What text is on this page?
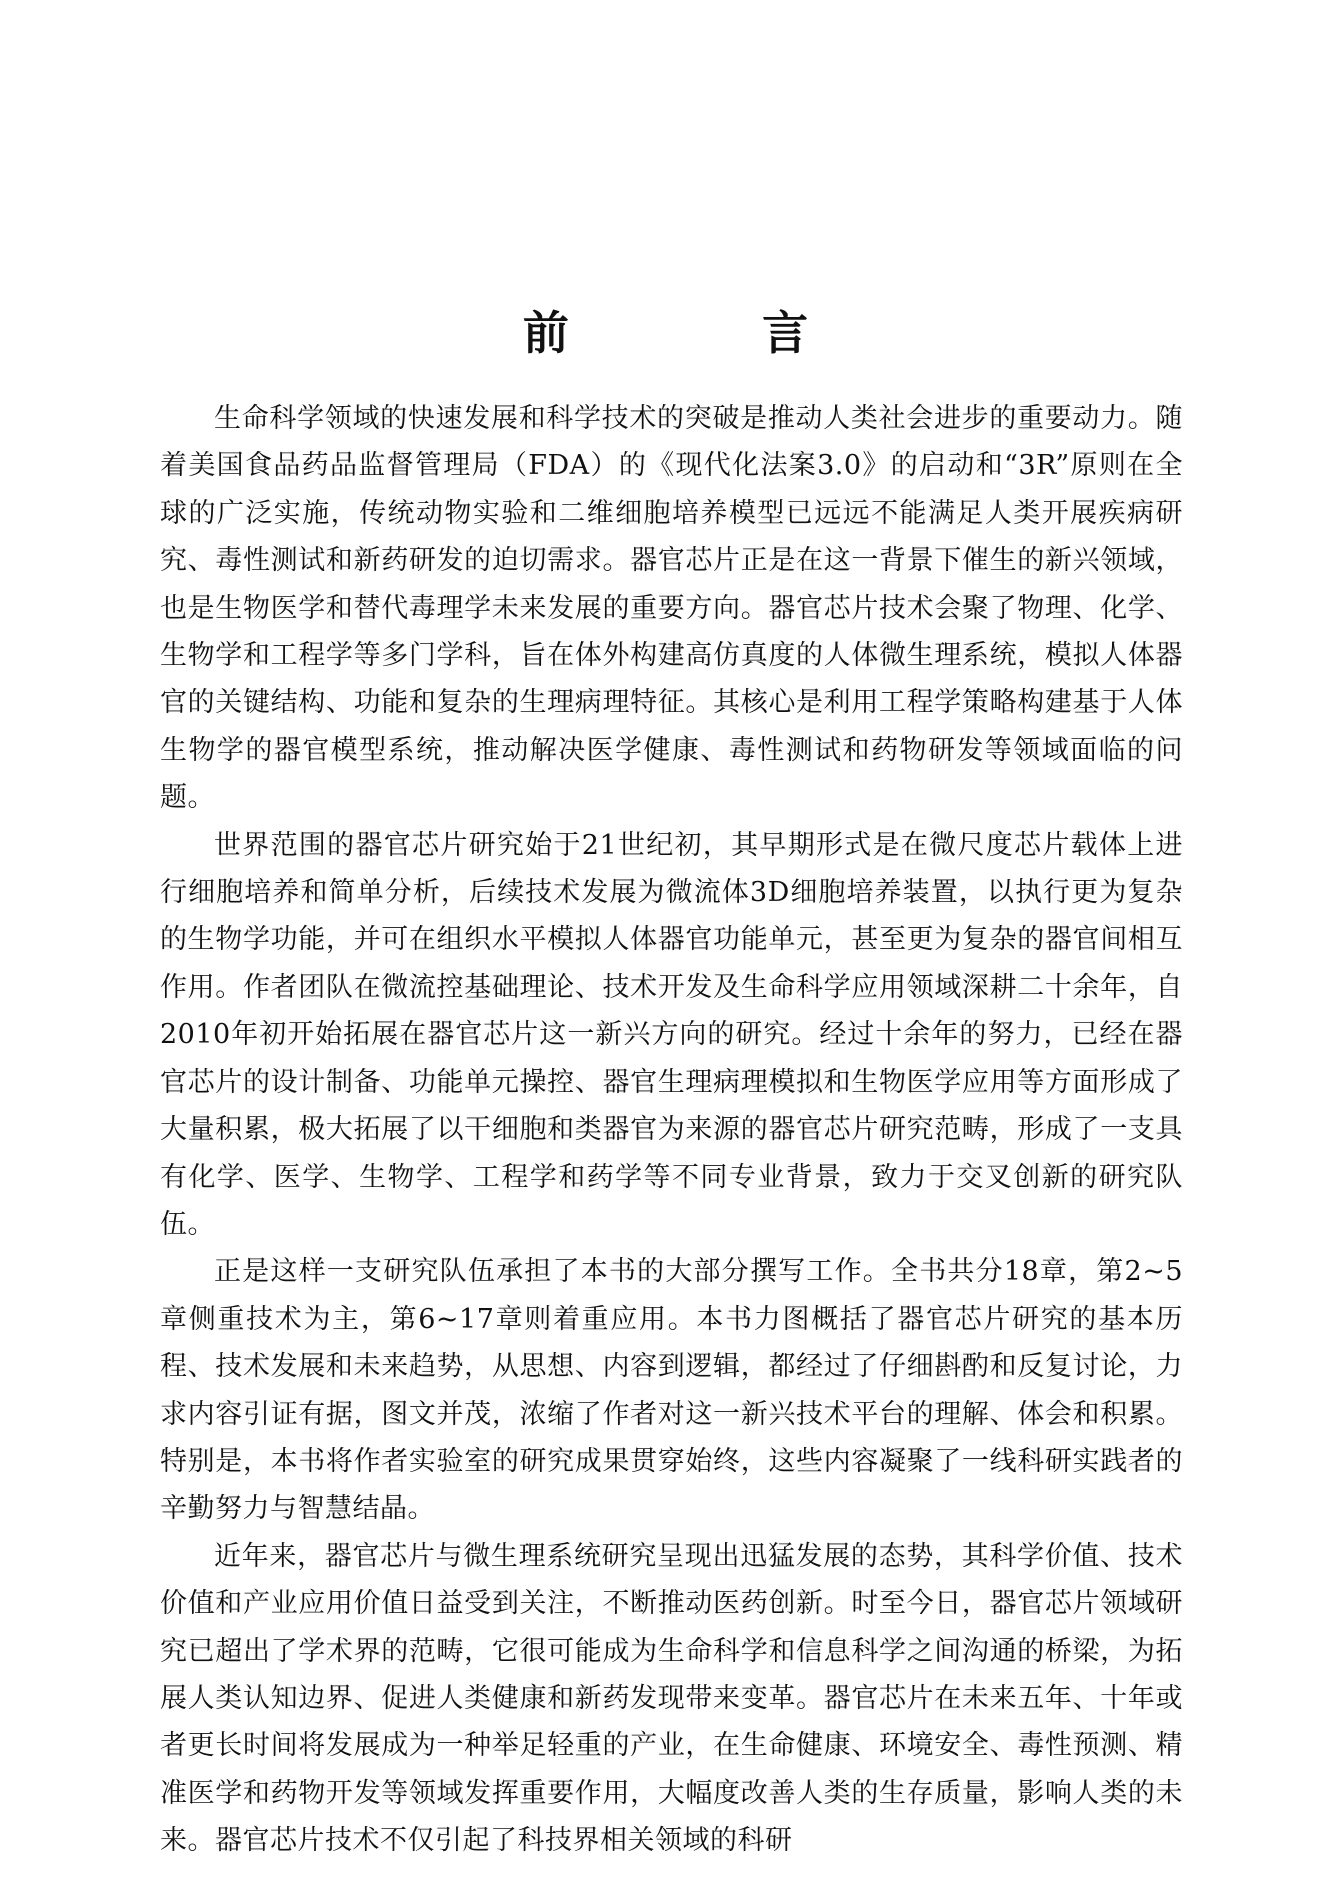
前　言

生命科学领域的快速发展和科学技术的突破是推动人类社会进步的重要动力。随着美国食品药品监督管理局（FDA）的《现代化法案3.0》的启动和“3R”原则在全球的广泛实施，传统动物实验和二维细胞培养模型已远远不能满足人类开展疾病研究、毒性测试和新药研发的迫切需求。器官芯片正是在这一背景下催生的新兴领域，也是生物医学和替代毒理学未来发展的重要方向。器官芯片技术会聚了物理、化学、生物学和工程学等多门学科，旨在体外构建高仿真度的人体微生理系统，模拟人体器官的关键结构、功能和复杂的生理病理特征。其核心是利用工程学策略构建基于人体生物学的器官模型系统，推动解决医学健康、毒性测试和药物研发等领域面临的问题。

世界范围的器官芯片研究始于21世纪初，其早期形式是在微尺度芯片载体上进行细胞培养和简单分析，后续技术发展为微流体3D细胞培养装置，以执行更为复杂的生物学功能，并可在组织水平模拟人体器官功能单元，甚至更为复杂的器官间相互作用。作者团队在微流控基础理论、技术开发及生命科学应用领域深耕二十余年，自2010年初开始拓展在器官芯片这一新兴方向的研究。经过十余年的努力，已经在器官芯片的设计制备、功能单元操控、器官生理病理模拟和生物医学应用等方面形成了大量积累，极大拓展了以干细胞和类器官为来源的器官芯片研究范畴，形成了一支具有化学、医学、生物学、工程学和药学等不同专业背景，致力于交叉创新的研究队伍。

正是这样一支研究队伍承担了本书的大部分撰写工作。全书共分18章，第2~5章侧重技术为主，第6~17章则着重应用。本书力图概括了器官芯片研究的基本历程、技术发展和未来趋势，从思想、内容到逻辑，都经过了仔细斟酌和反复讨论，力求内容引证有据，图文并茂，浓缩了作者对这一新兴技术平台的理解、体会和积累。特别是，本书将作者实验室的研究成果贯穿始终，这些内容凝聚了一线科研实践者的辛勤努力与智慧结晶。

近年来，器官芯片与微生理系统研究呈现出迅猛发展的态势，其科学价值、技术价值和产业应用价值日益受到关注，不断推动医药创新。时至今日，器官芯片领域研究已超出了学术界的范畴，它很可能成为生命科学和信息科学之间沟通的桥梁，为拓展人类认知边界、促进人类健康和新药发现带来变革。器官芯片在未来五年、十年或者更长时间将发展成为一种举足轻重的产业，在生命健康、环境安全、毒性预测、精准医学和药物开发等领域发挥重要作用，大幅度改善人类的生存质量，影响人类的未来。器官芯片技术不仅引起了科技界相关领域的科研
